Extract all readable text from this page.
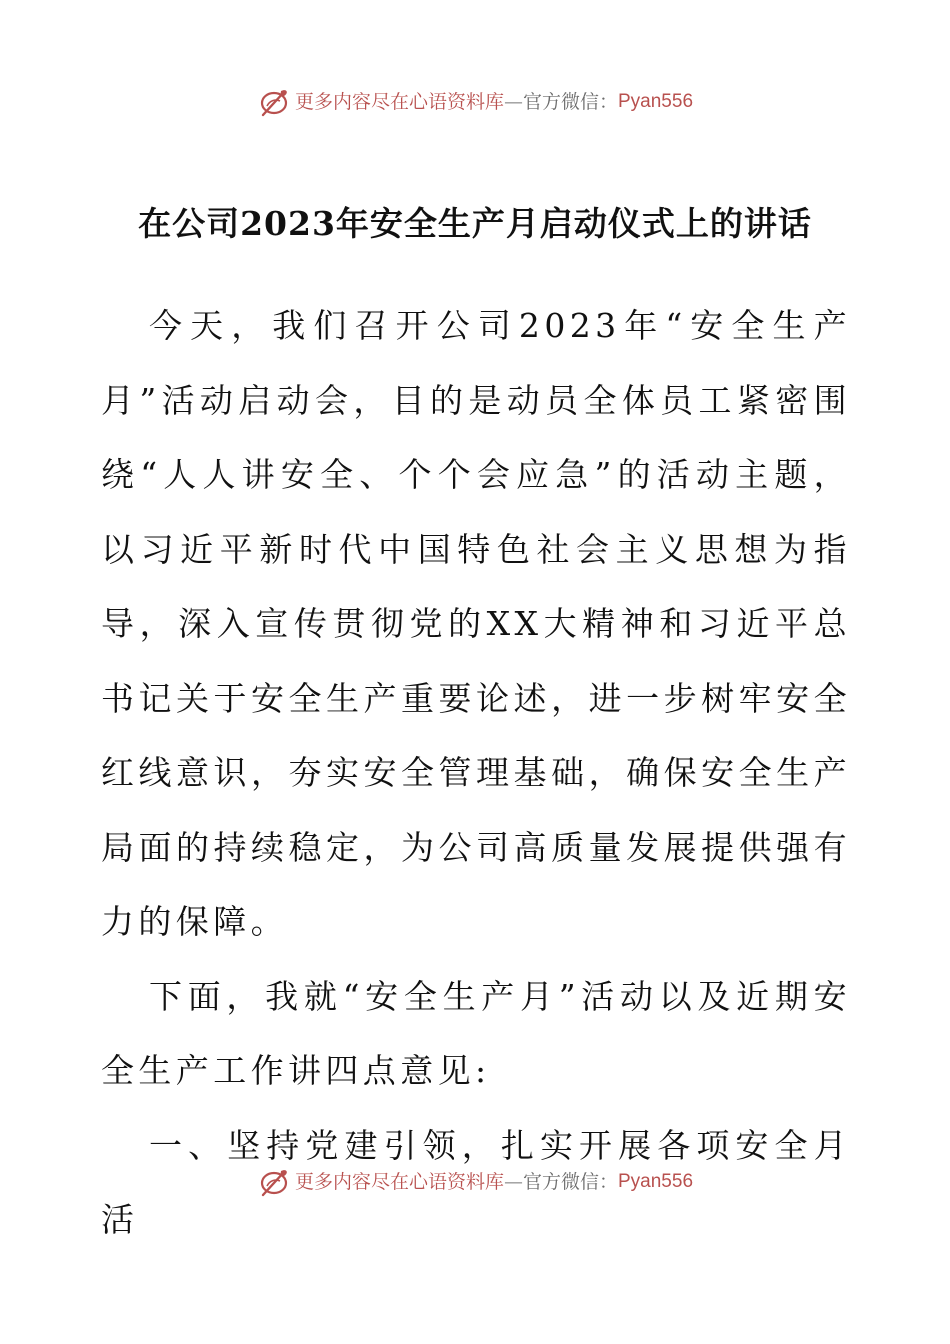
更多内容尽在心语资料库 — 官方微信： Pyan556
在公司2023年安全生产月启动仪式上的讲话

今天，我们召开公司2023年“安全生产月”活动启动会，目的是动员全体员工紧密围绕“人人讲安全、个个会应急”的活动主题，以习近平新时代中国特色社会主义思想为指导，深入宣传贯彻党的XX大精神和习近平总书记关于安全生产重要论述，进一步树牢安全红线意识，夯实安全管理基础，确保安全生产局面的持续稳定，为公司高质量发展提供强有力的保障。

下面，我就“安全生产月”活动以及近期安全生产工作讲四点意见:

一、坚持党建引领，扎实开展各项安全月活

更多内容尽在心语资料库 — 官方微信： Pyan556
